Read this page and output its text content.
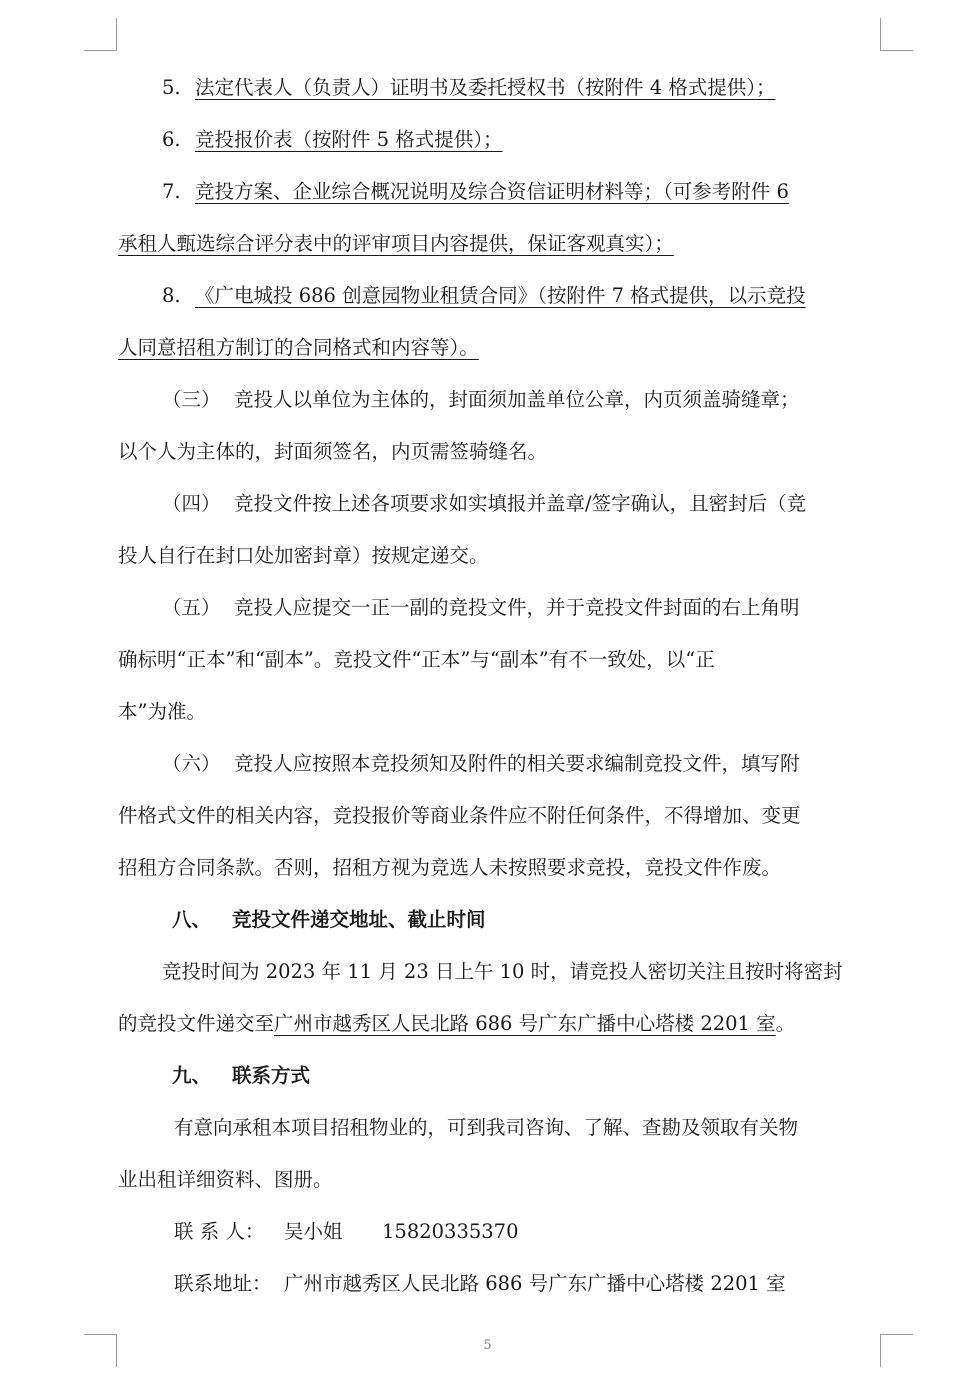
5. 法定代表人（负责人）证明书及委托授权书（按附件 4 格式提供）；
6. 竞投报价表（按附件 5 格式提供）；
7. 竞投方案、企业综合概况说明及综合资信证明材料等；（可参考附件 6
承租人甄选综合评分表中的评审项目内容提供，保证客观真实）；
8. 《广电城投 686 创意园物业租赁合同》（按附件 7 格式提供，以示竞投
人同意招租方制订的合同格式和内容等）。
（三） 竞投人以单位为主体的，封面须加盖单位公章，内页须盖骑缝章；
以个人为主体的，封面须签名，内页需签骑缝名。
（四） 竞投文件按上述各项要求如实填报并盖章/签字确认，且密封后（竞
投人自行在封口处加密封章）按规定递交。
（五） 竞投人应提交一正一副的竞投文件，并于竞投文件封面的右上角明
确标明“正本”和“副本”。竞投文件“正本”与“副本”有不一致处，以“正
本”为准。
（六） 竞投人应按照本竞投须知及附件的相关要求编制竞投文件，填写附
件格式文件的相关内容，竞投报价等商业条件应不附任何条件，不得增加、变更
招租方合同条款。否则，招租方视为竞选人未按照要求竞投，竞投文件作废。
八、 竞投文件递交地址、截止时间
竞投时间为 2023 年 11 月 23 日上午 10 时，请竞投人密切关注且按时将密封
的竞投文件递交至广州市越秀区人民北路 686 号广东广播中心塔楼 2201 室。
九、 联系方式
有意向承租本项目招租物业的，可到我司咨询、了解、查勘及领取有关物
业出租详细资料、图册。
联 系 人： 吴小姐 15820335370
联系地址： 广州市越秀区人民北路 686 号广东广播中心塔楼 2201 室
5
